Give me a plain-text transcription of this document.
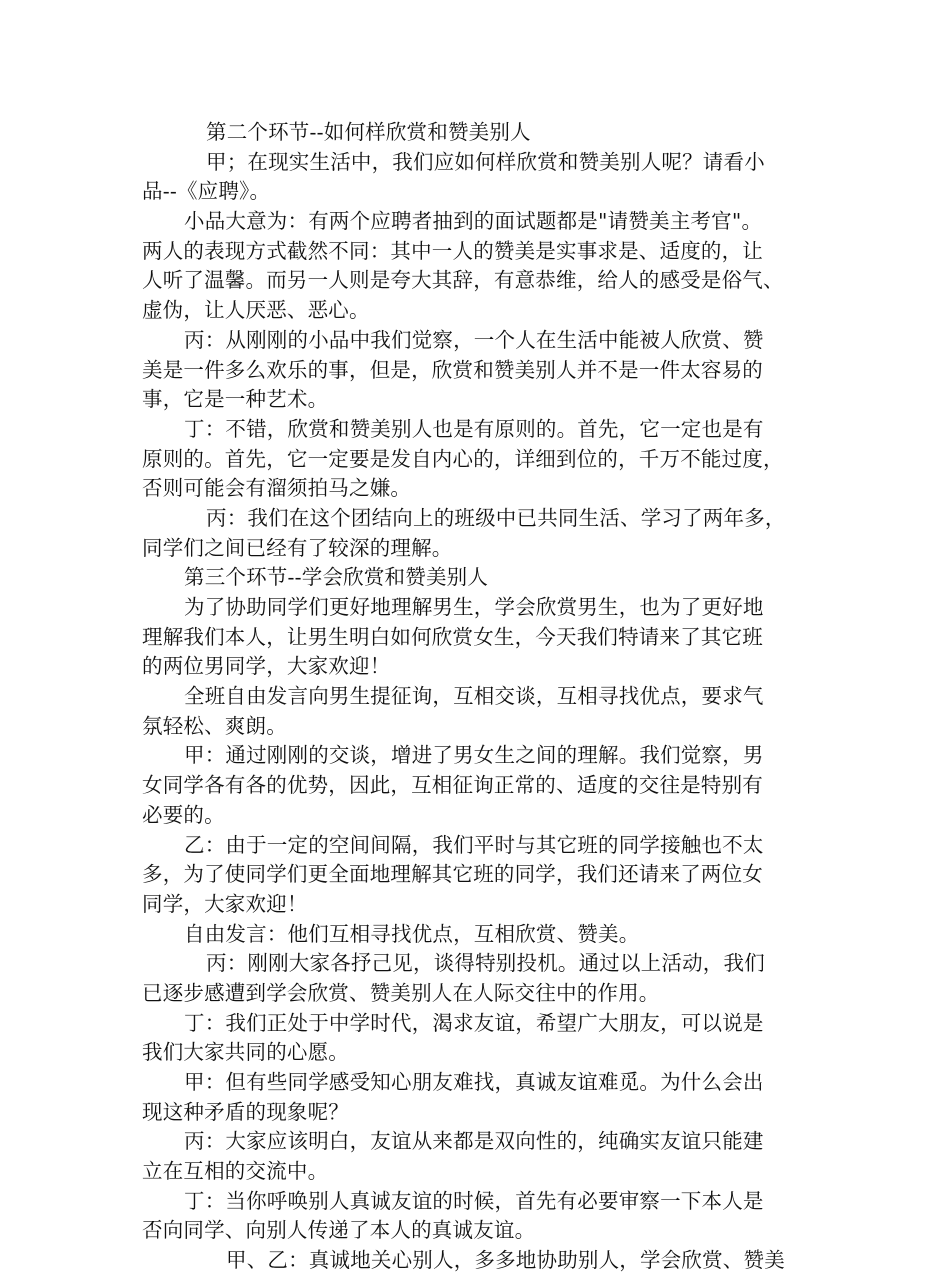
第二个环节--如何样欣赏和赞美别人
甲；在现实生活中，我们应如何样欣赏和赞美别人呢？请看小
品--《应聘》。
小品大意为：有两个应聘者抽到的面试题都是"请赞美主考官"。
两人的表现方式截然不同：其中一人的赞美是实事求是、适度的，让
人听了温馨。而另一人则是夸大其辞，有意恭维，给人的感受是俗气、
虚伪，让人厌恶、恶心。
丙：从刚刚的小品中我们觉察，一个人在生活中能被人欣赏、赞
美是一件多么欢乐的事，但是，欣赏和赞美别人并不是一件太容易的
事，它是一种艺术。
丁：不错，欣赏和赞美别人也是有原则的。首先，它一定也是有
原则的。首先，它一定要是发自内心的，详细到位的，千万不能过度，
否则可能会有溜须拍马之嫌。
丙：我们在这个团结向上的班级中已共同生活、学习了两年多，
同学们之间已经有了较深的理解。
第三个环节--学会欣赏和赞美别人
为了协助同学们更好地理解男生，学会欣赏男生，也为了更好地
理解我们本人，让男生明白如何欣赏女生，今天我们特请来了其它班
的两位男同学，大家欢迎！
全班自由发言向男生提征询，互相交谈，互相寻找优点，要求气
氛轻松、爽朗。
甲：通过刚刚的交谈，增进了男女生之间的理解。我们觉察，男
女同学各有各的优势，因此，互相征询正常的、适度的交往是特别有
必要的。
乙：由于一定的空间间隔，我们平时与其它班的同学接触也不太
多，为了使同学们更全面地理解其它班的同学，我们还请来了两位女
同学，大家欢迎！
自由发言：他们互相寻找优点，互相欣赏、赞美。
丙：刚刚大家各抒己见，谈得特别投机。通过以上活动，我们
已逐步感遭到学会欣赏、赞美别人在人际交往中的作用。
丁：我们正处于中学时代，渴求友谊，希望广大朋友，可以说是
我们大家共同的心愿。
甲：但有些同学感受知心朋友难找，真诚友谊难觅。为什么会出
现这种矛盾的现象呢？
丙：大家应该明白，友谊从来都是双向性的，纯确实友谊只能建
立在互相的交流中。
丁：当你呼唤别人真诚友谊的时候，首先有必要审察一下本人是
否向同学、向别人传递了本人的真诚友谊。
甲、乙：真诚地关心别人，多多地协助别人，学会欣赏、赞美
